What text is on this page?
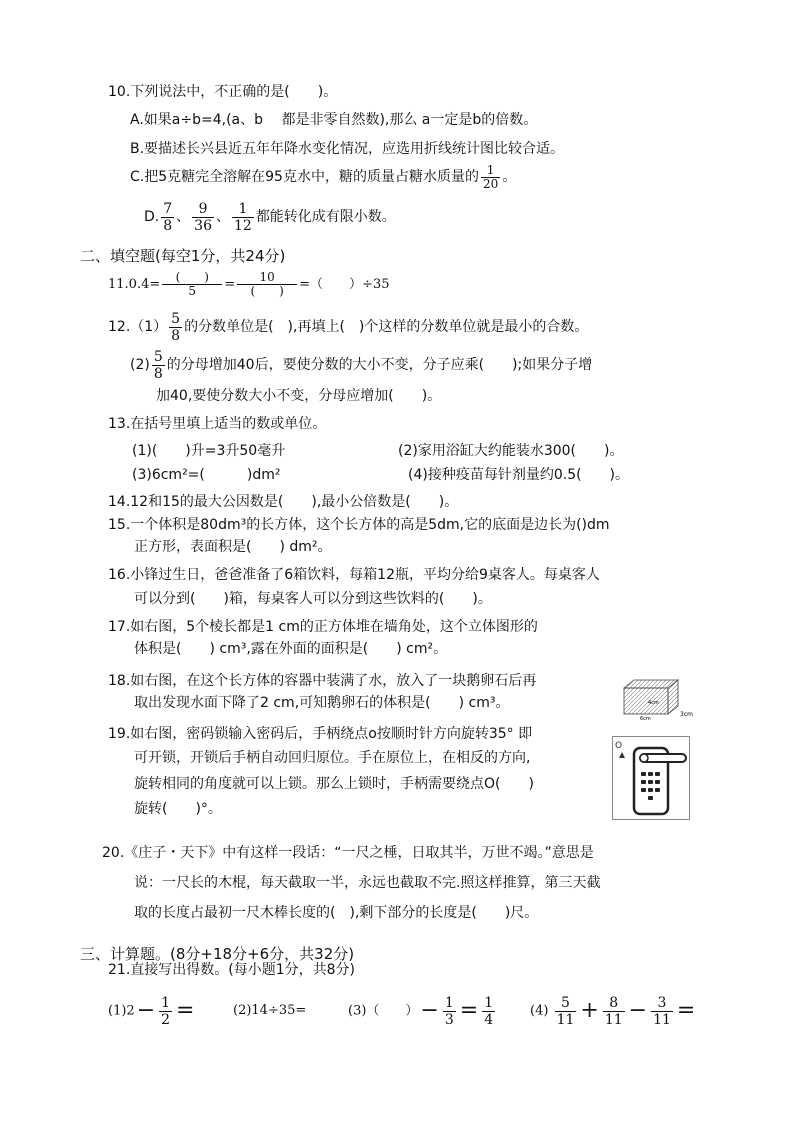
10.下列说法中，不正确的是(　　)。
A.如果a÷b=4,(a、b　 都是非零自然数),那么 a一定是b的倍数。
B.要描述长兴县近五年年降水变化情况，应选用折线统计图比较合适。
C.把5克糖完全溶解在95克水中，糖的质量占糖水质量的 $\frac{1}{20}$ 。
D. $\frac{7}{8}$ 、 $\frac{9}{36}$ 、 $\frac{1}{12}$ 都能转化成有限小数。
二、填空题(每空1分，共24分)
$11.0.4= \frac{( )}{5} = \frac{10}{( )}$ =（　　）÷35
$12.(1) \frac{5}{8}$ 的分数单位是(　),再填上(　)个这样的分数单位就是最小的合数。
$(2) \frac{5}{8}$ 的分母增加40后，要使分数的大小不变，分子应乘(　　);如果分子增
加40,要使分数大小不变，分母应增加(　　)。
13.在括号里填上适当的数或单位。
(1)(　　)升=3升50毫升	(2)家用浴缸大约能装水300(　　)。
(3)6cm²=(　　　)dm²	(4)接种疫苗每针剂量约0.5(　　)。
14.12和15的最大公因数是(　　),最小公倍数是(　　)。
15.一个体积是80dm³的长方体，这个长方体的高是5dm,它的底面是边长为()dm
正方形，表面积是(　　) dm²。
16.小锋过生日，爸爸准备了6箱饮料，每箱12瓶，平均分给9桌客人。每桌客人
可以分到(　　)箱，每桌客人可以分到这些饮料的(　　)。
17.如右图，5个棱长都是1 cm的正方体堆在墙角处，这个立体图形的
体积是(　　) cm³,露在外面的面积是(　　) cm²。
18.如右图，在这个长方体的容器中装满了水，放入了一块鹅卵石后再
取出发现水面下降了2 cm,可知鹅卵石的体积是(　　) cm³。
3cm
6cm
4cm
19.如右图，密码锁输入密码后，手柄绕点o按顺时针方向旋转35° 即
可开锁，开锁后手柄自动回归原位。手在原位上，在相反的方向,
旋转相同的角度就可以上锁。那么上锁时，手柄需要绕点O(　　)
旋转(　　)°。
O
20.《庄子・天下》中有这样一段话：“一尺之棰，日取其半，万世不竭。”意思是
说：一尺长的木棍，每天截取一半，永远也截取不完.照这样推算，第三天截
取的长度占最初一尺木棒长度的(　),剩下部分的长度是(　　)尺。
三、计算题。(8分+18分+6分，共32分)
21.直接写出得数。(每小题1分，共8分)
$(1)2- \frac{1}{2}$ =	(2)14÷35=	(3)（　　）− $\frac{1}{3} = \frac{1}{4}$	$(4) \frac{5}{11} + \frac{8}{11} - \frac{3}{11}$ =
